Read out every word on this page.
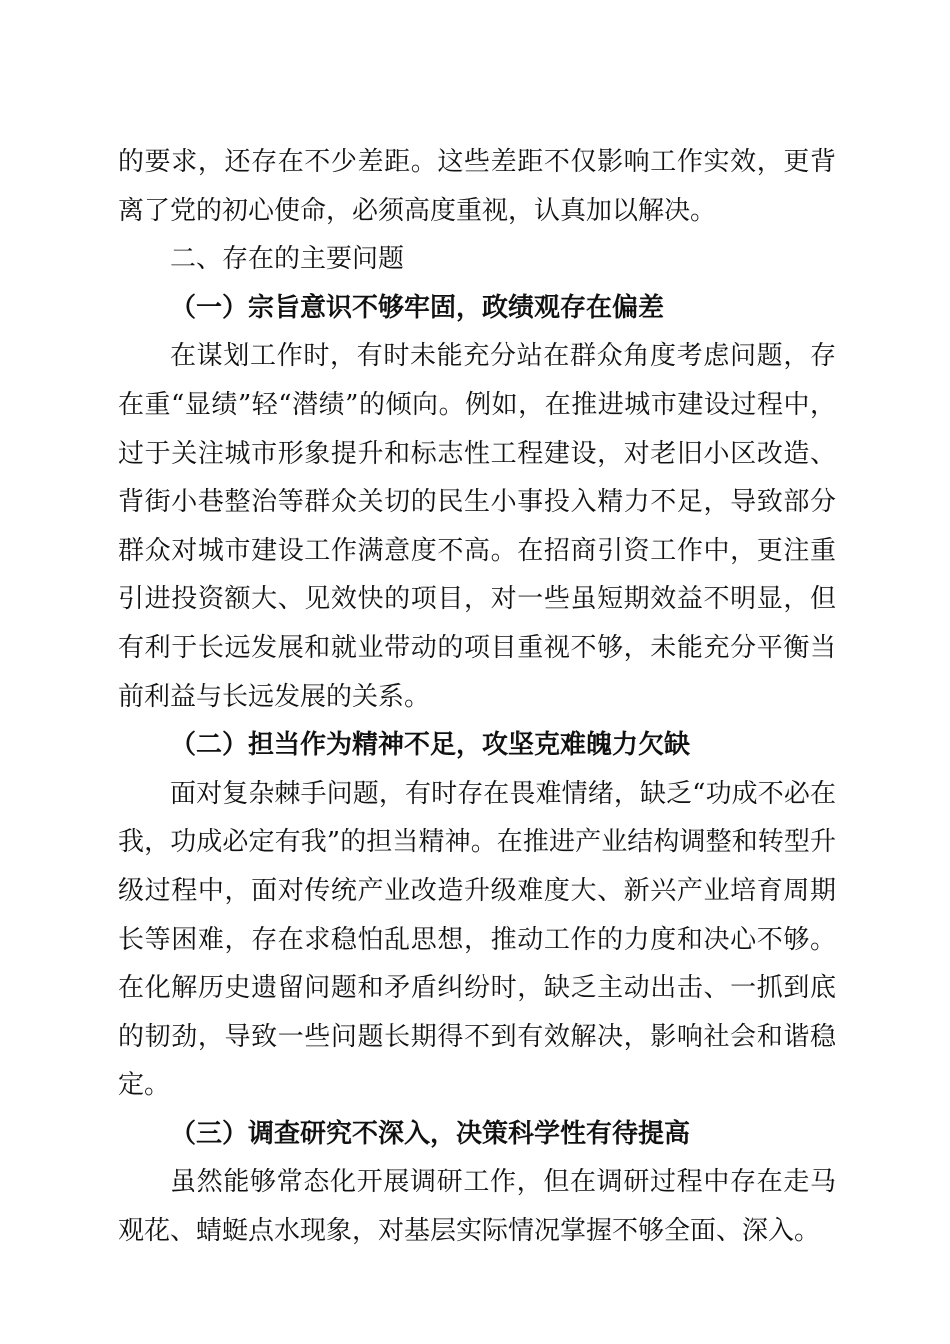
的要求，还存在不少差距。这些差距不仅影响工作实效，更背离了党的初心使命，必须高度重视，认真加以解决。

二、存在的主要问题

（一）宗旨意识不够牢固，政绩观存在偏差

在谋划工作时，有时未能充分站在群众角度考虑问题，存在重“显绩”轻“潜绩”的倾向。例如，在推进城市建设过程中，过于关注城市形象提升和标志性工程建设，对老旧小区改造、背街小巷整治等群众关切的民生小事投入精力不足，导致部分群众对城市建设工作满意度不高。在招商引资工作中，更注重引进投资额大、见效快的项目，对一些虽短期效益不明显，但有利于长远发展和就业带动的项目重视不够，未能充分平衡当前利益与长远发展的关系。

（二）担当作为精神不足，攻坚克难魄力欠缺

面对复杂棘手问题，有时存在畏难情绪，缺乏“功成不必在我，功成必定有我”的担当精神。在推进产业结构调整和转型升级过程中，面对传统产业改造升级难度大、新兴产业培育周期长等困难，存在求稳怕乱思想，推动工作的力度和决心不够。在化解历史遗留问题和矛盾纠纷时，缺乏主动出击、一抓到底的韧劲，导致一些问题长期得不到有效解决，影响社会和谐稳定。

（三）调查研究不深入，决策科学性有待提高

虽然能够常态化开展调研工作，但在调研过程中存在走马观花、蜻蜓点水现象，对基层实际情况掌握不够全面、深入。
